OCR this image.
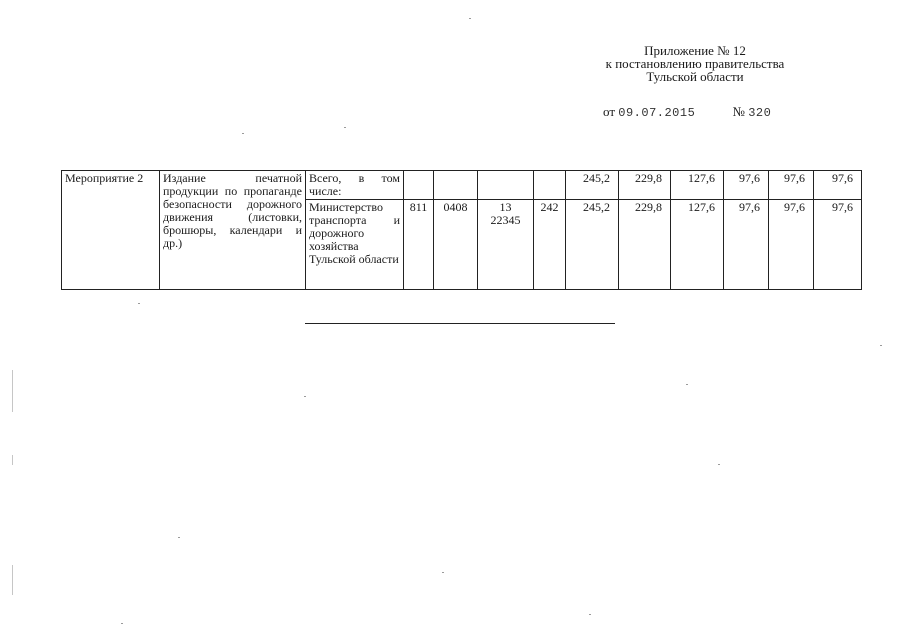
Приложение № 12
к постановлению правительства
Тульской области
от 09.07.2015	№ 320
Мероприятие 2	Издание печатной продукции по пропаганде безопасности дорожного движения (листовки, брошюры, календари и др.)	Всего, в том числе:					245,2	229,8	127,6	97,6	97,6	97,6
		Министерство транспорта и дорожного хозяйства Тульской области	811	0408	13 22345	242	245,2	229,8	127,6	97,6	97,6	97,6
